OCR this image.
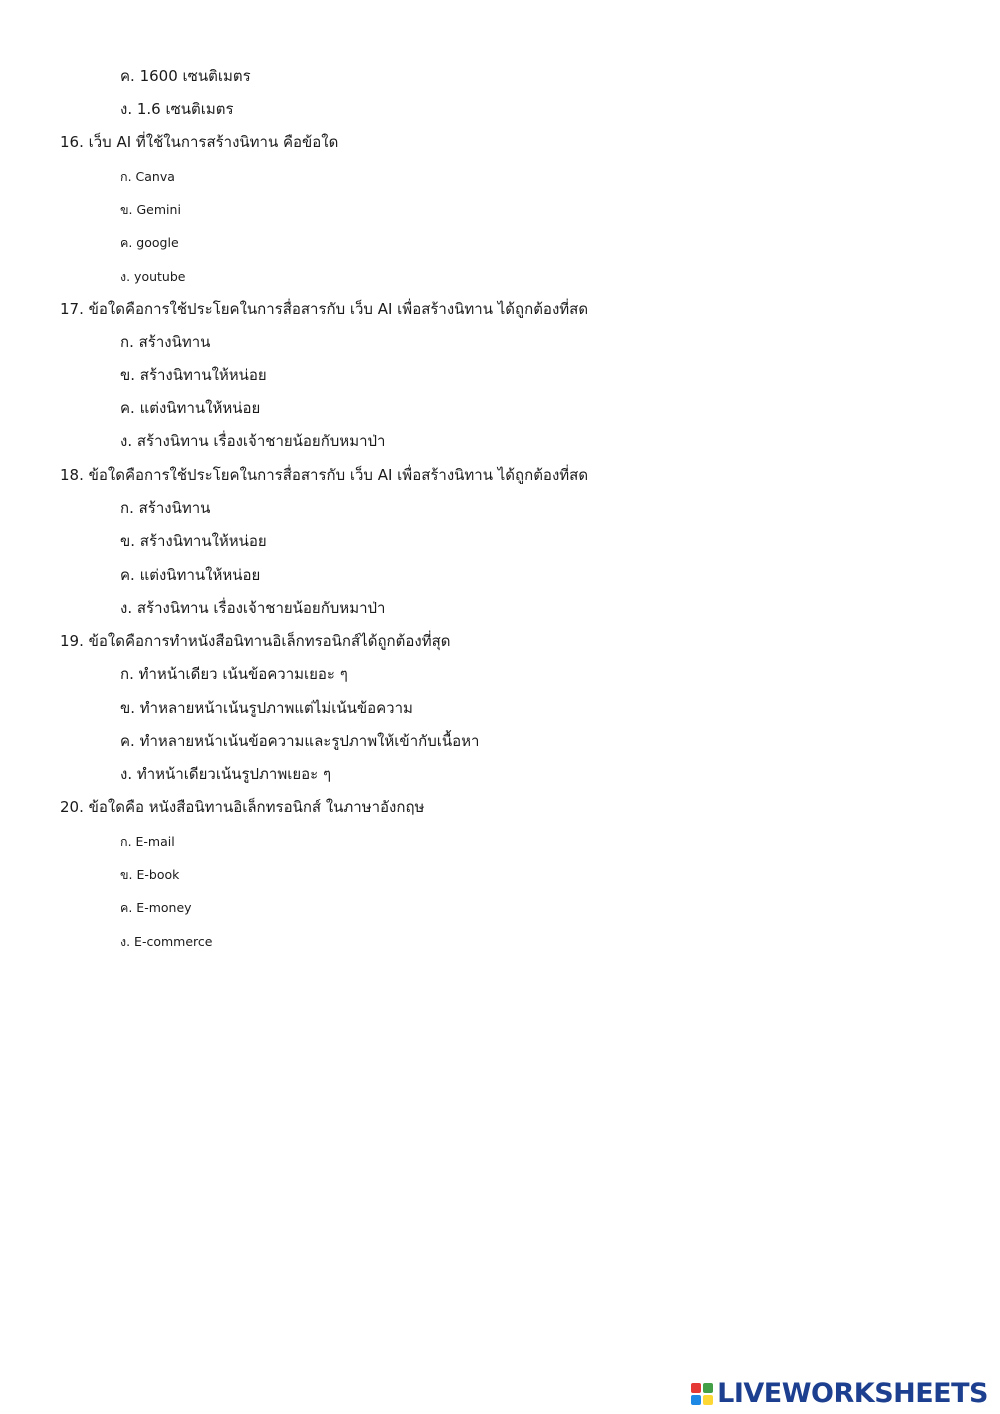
ค. 1600 เซนติเมตร
ง. 1.6 เซนติเมตร
16. เว็บ AI ที่ใช้ในการสร้างนิทาน คือข้อใด
ก. Canva
ข. Gemini
ค. google
ง. youtube
17. ข้อใดคือการใช้ประโยคในการสื่อสารกับ เว็บ AI เพื่อสร้างนิทาน ได้ถูกต้องที่สด
ก. สร้างนิทาน
ข. สร้างนิทานให้หน่อย
ค. แต่งนิทานให้หน่อย
ง. สร้างนิทาน เรื่องเจ้าชายน้อยกับหมาป่า
18. ข้อใดคือการใช้ประโยคในการสื่อสารกับ เว็บ AI เพื่อสร้างนิทาน ได้ถูกต้องที่สด
ก. สร้างนิทาน
ข. สร้างนิทานให้หน่อย
ค. แต่งนิทานให้หน่อย
ง. สร้างนิทาน เรื่องเจ้าชายน้อยกับหมาป่า
19. ข้อใดคือการทำหนังสือนิทานอิเล็กทรอนิกส์ได้ถูกต้องที่สุด
ก. ทำหน้าเดียว เน้นข้อความเยอะ ๆ
ข. ทำหลายหน้าเน้นรูปภาพแต่ไม่เน้นข้อความ
ค. ทำหลายหน้าเน้นข้อความและรูปภาพให้เข้ากับเนื้อหา
ง. ทำหน้าเดียวเน้นรูปภาพเยอะ ๆ
20. ข้อใดคือ หนังสือนิทานอิเล็กทรอนิกส์ ในภาษาอังกฤษ
ก. E-mail
ข. E-book
ค. E-money
ง. E-commerce
LIVEWORKSHEETS
